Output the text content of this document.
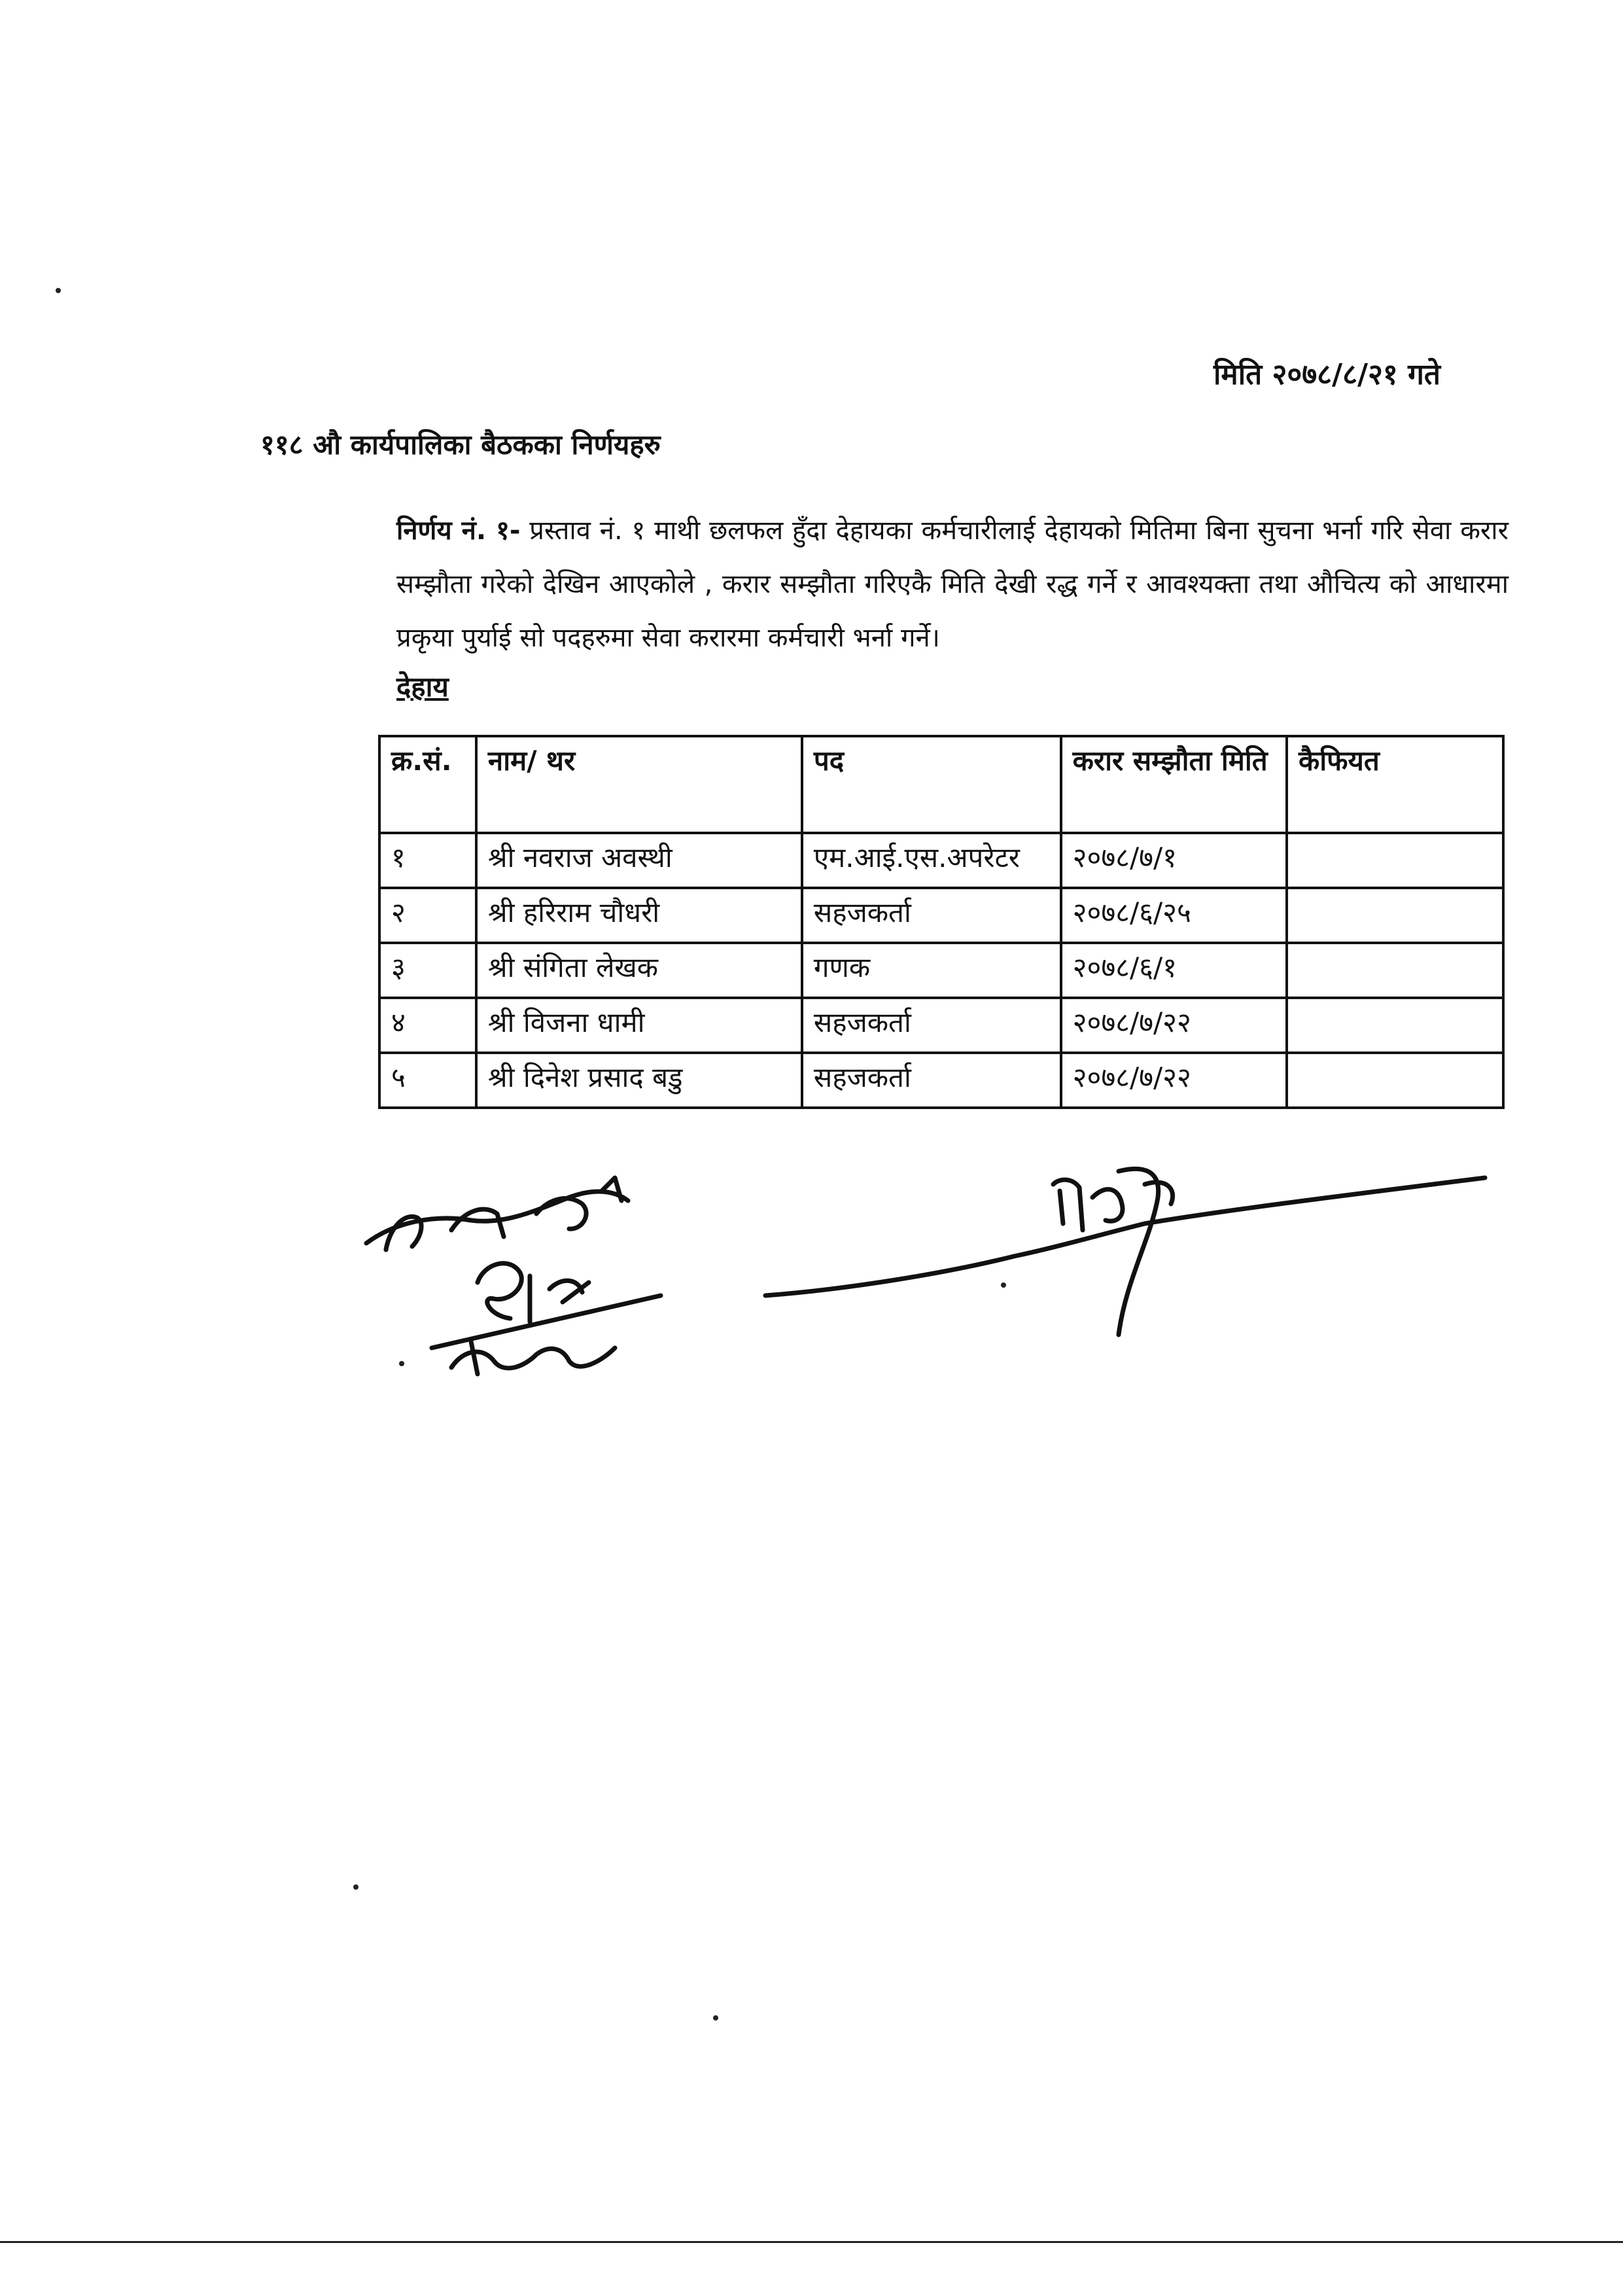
मिति २०७८/८/२१ गते
११८ औ कार्यपालिका बैठकका निर्णयहरु
निर्णय नं. १- प्रस्ताव नं. १ माथी छलफल हुँदा देहायका कर्मचारीलाई देहायको मितिमा बिना सुचना भर्ना गरि सेवा करार सम्झौता गरेको देखिन आएकोले , करार सम्झौता गरिएकै मिति देखी रद्ध गर्ने र आवश्यक्ता तथा औचित्य को आधारमा प्रकृया पुर्याई सो पदहरुमा सेवा करारमा कर्मचारी भर्ना गर्ने।
देहाय
क्र.सं.	नाम/ थर	पद	करार सम्झौता मिति	कैफियत
१	श्री नवराज अवस्थी	एम.आई.एस.अपरेटर	२०७८/७/१	
२	श्री हरिराम चौधरी	सहजकर्ता	२०७८/६/२५	
३	श्री संगिता लेखक	गणक	२०७८/६/१	
४	श्री विजना धामी	सहजकर्ता	२०७८/७/२२	
५	श्री दिनेश प्रसाद बडु	सहजकर्ता	२०७८/७/२२	
